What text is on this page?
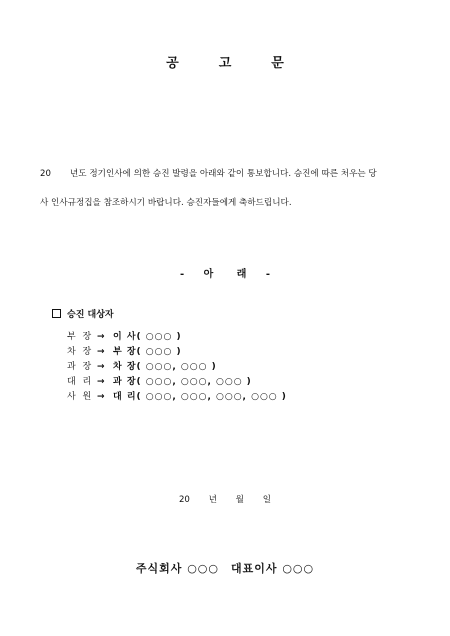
공	고	문
20 년도 정기인사에 의한 승진 발령을 아래와 같이 통보합니다. 승진에 따른 처우는 당
사 인사규정집을 참조하시기 바랍니다. 승진자들에게 축하드립니다.
- 아 래 -
승진 대상자
부 장 → 이 사( ○○○ )
차 장 → 부 장( ○○○ )
과 장 → 차 장( ○○○, ○○○ )
대 리 → 과 장( ○○○, ○○○, ○○○ )
사 원 → 대 리( ○○○, ○○○, ○○○, ○○○ )
20 년 월 일
주식회사 ○○○ 대표이사 ○○○
